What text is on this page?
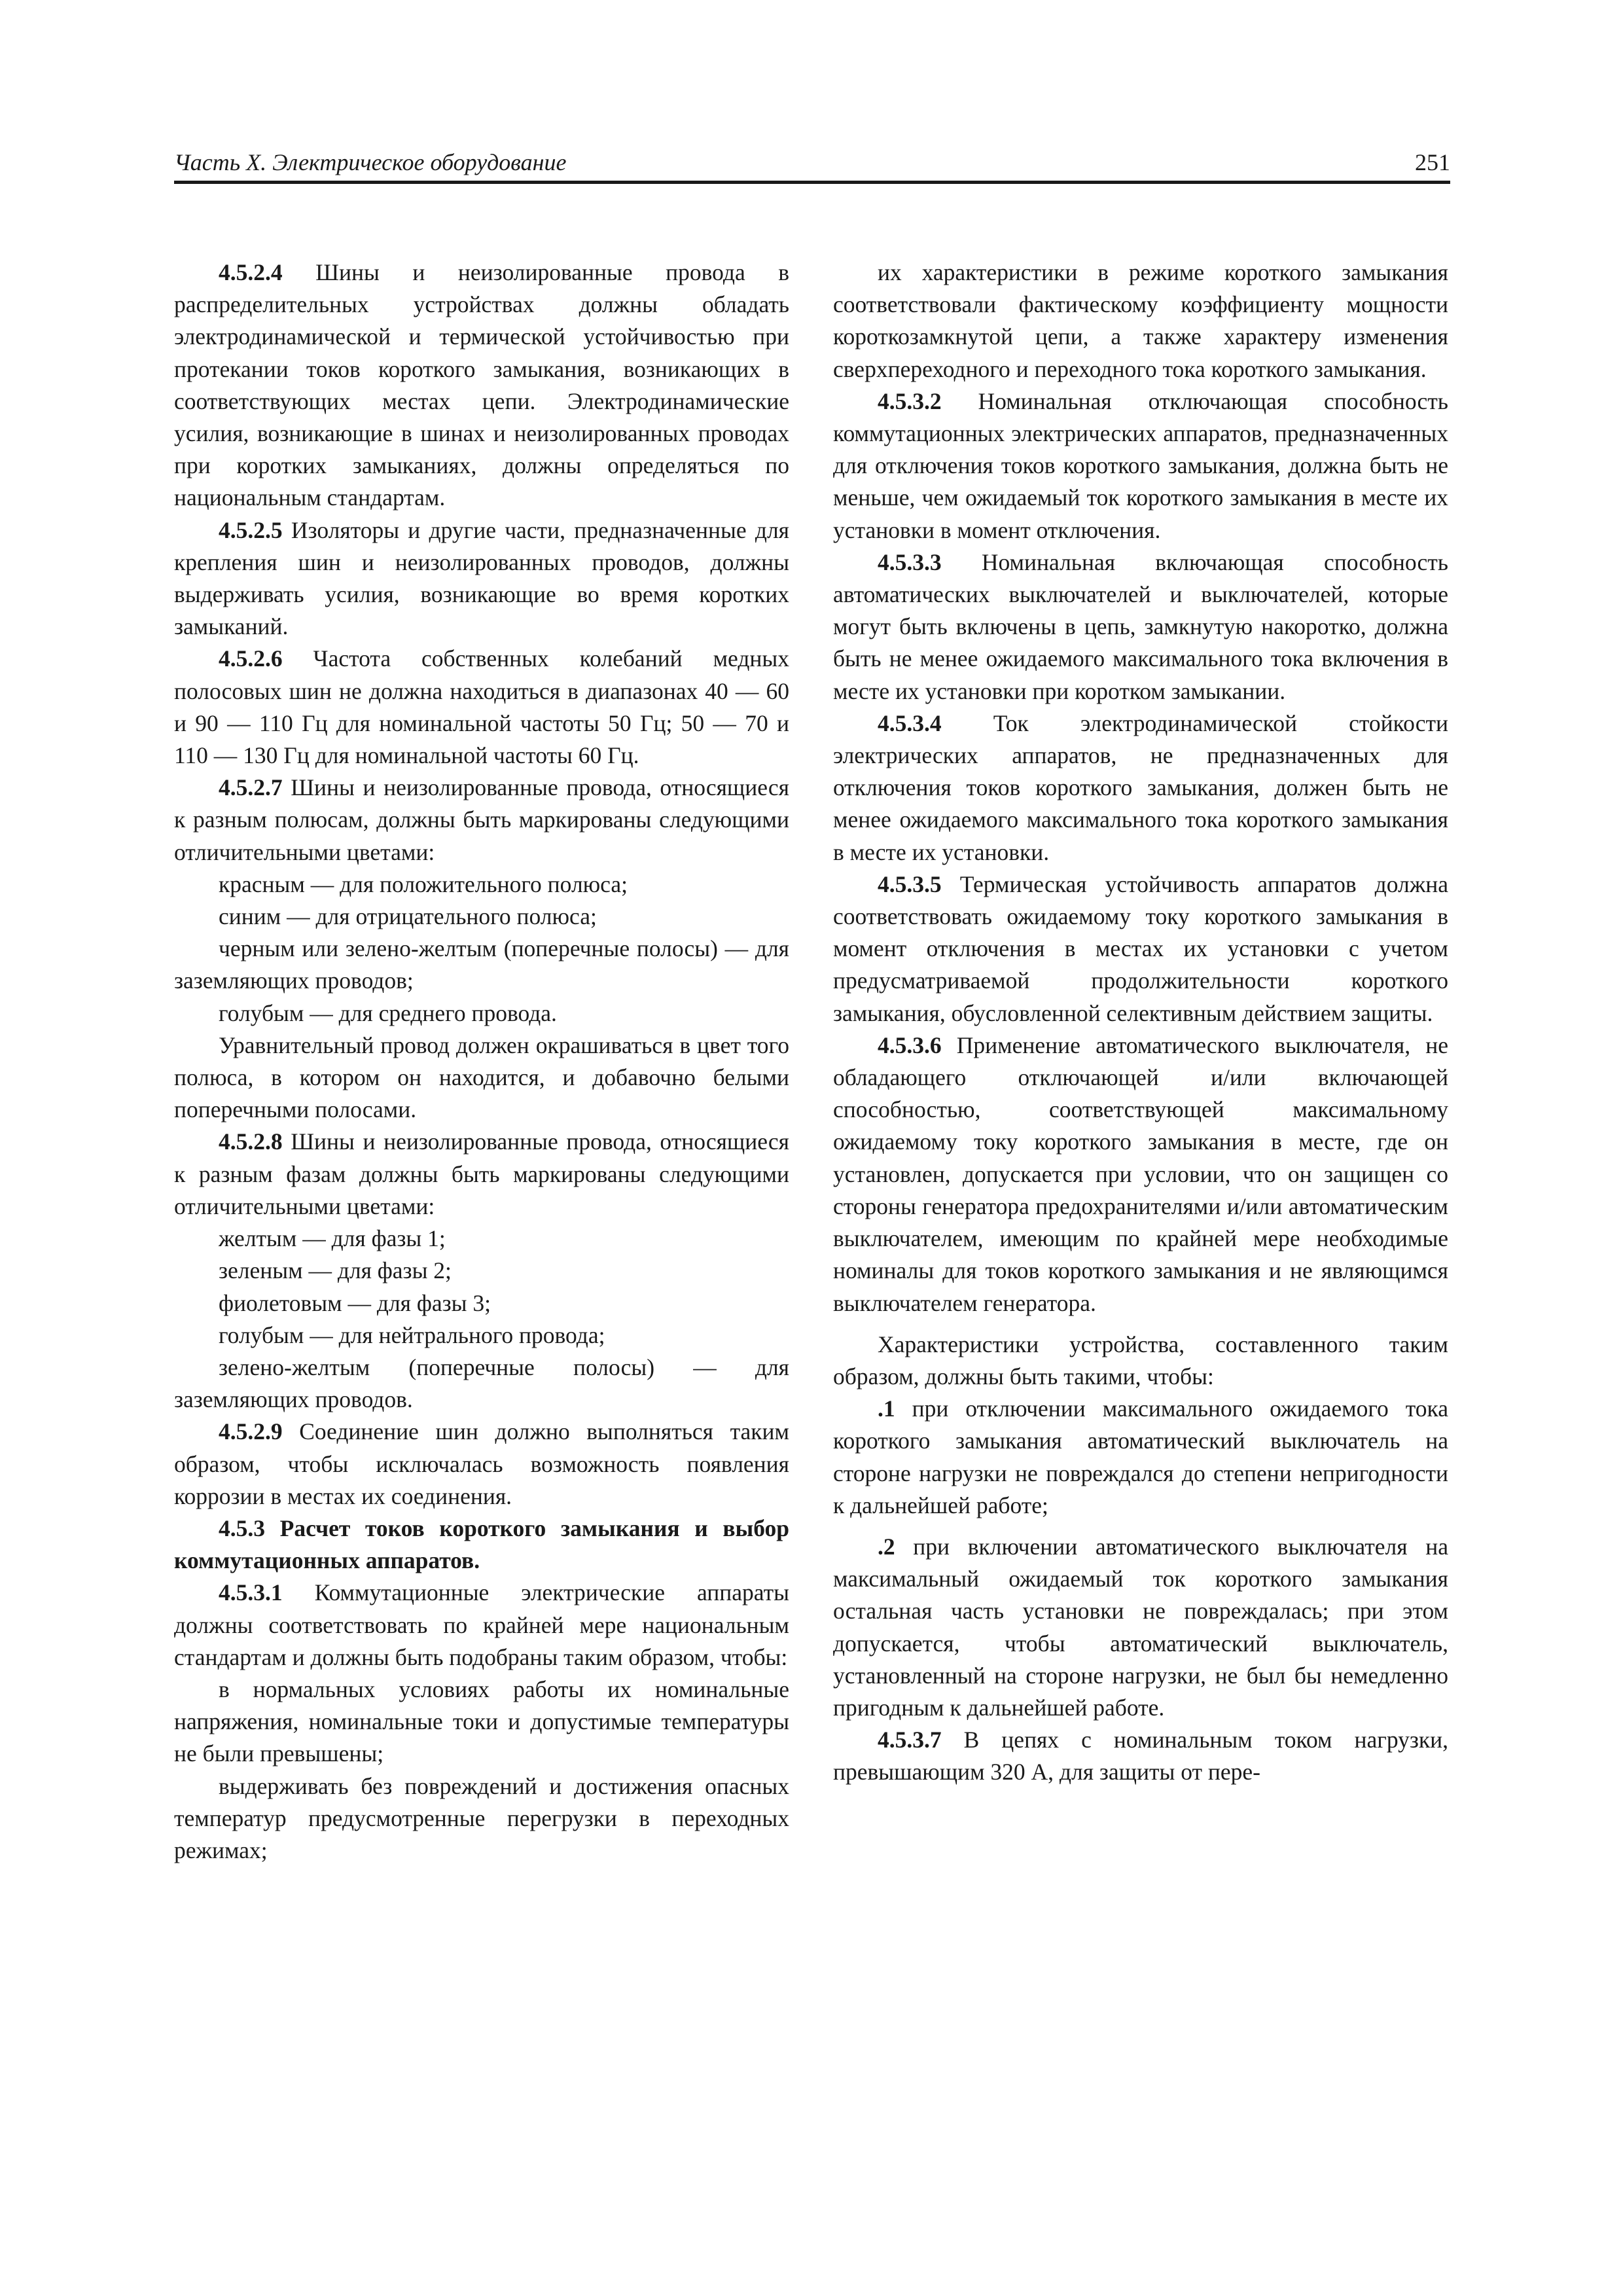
Часть X. Электрическое оборудование	251

4.5.2.4 Шины и неизолированные провода в распределительных устройствах должны обладать электродинамической и термической устойчивостью при протекании токов короткого замыкания, возникающих в соответствующих местах цепи. Электродинамические усилия, возникающие в шинах и неизолированных проводах при коротких замыканиях, должны определяться по национальным стандартам.

4.5.2.5 Изоляторы и другие части, предназначенные для крепления шин и неизолированных проводов, должны выдерживать усилия, возникающие во время коротких замыканий.

4.5.2.6 Частота собственных колебаний медных полосовых шин не должна находиться в диапазонах 40 — 60 и 90 — 110 Гц для номинальной частоты 50 Гц; 50 — 70 и 110 — 130 Гц для номинальной частоты 60 Гц.

4.5.2.7 Шины и неизолированные провода, относящиеся к разным полюсам, должны быть маркированы следующими отличительными цветами:

красным — для положительного полюса;

синим — для отрицательного полюса;

черным или зелено-желтым (поперечные полосы) — для заземляющих проводов;

голубым — для среднего провода.

Уравнительный провод должен окрашиваться в цвет того полюса, в котором он находится, и добавочно белыми поперечными полосами.

4.5.2.8 Шины и неизолированные провода, относящиеся к разным фазам должны быть маркированы следующими отличительными цветами:

желтым — для фазы 1;

зеленым — для фазы 2;

фиолетовым — для фазы 3;

голубым — для нейтрального провода;

зелено-желтым (поперечные полосы) — для заземляющих проводов.

4.5.2.9 Соединение шин должно выполняться таким образом, чтобы исключалась возможность появления коррозии в местах их соединения.

4.5.3 Расчет токов короткого замыкания и выбор коммутационных аппаратов.

4.5.3.1 Коммутационные электрические аппараты должны соответствовать по крайней мере национальным стандартам и должны быть подобраны таким образом, чтобы:

в нормальных условиях работы их номинальные напряжения, номинальные токи и допустимые температуры не были превышены;

выдерживать без повреждений и достижения опасных температур предусмотренные перегрузки в переходных режимах;

их характеристики в режиме короткого замыкания соответствовали фактическому коэффициенту мощности короткозамкнутой цепи, а также характеру изменения сверхпереходного и переходного тока короткого замыкания.

4.5.3.2 Номинальная отключающая способность коммутационных электрических аппаратов, предназначенных для отключения токов короткого замыкания, должна быть не меньше, чем ожидаемый ток короткого замыкания в месте их установки в момент отключения.

4.5.3.3 Номинальная включающая способность автоматических выключателей и выключателей, которые могут быть включены в цепь, замкнутую накоротко, должна быть не менее ожидаемого максимального тока включения в месте их установки при коротком замыкании.

4.5.3.4 Ток электродинамической стойкости электрических аппаратов, не предназначенных для отключения токов короткого замыкания, должен быть не менее ожидаемого максимального тока короткого замыкания в месте их установки.

4.5.3.5 Термическая устойчивость аппаратов должна соответствовать ожидаемому току короткого замыкания в момент отключения в местах их установки с учетом предусматриваемой продолжительности короткого замыкания, обусловленной селективным действием защиты.

4.5.3.6 Применение автоматического выключателя, не обладающего отключающей и/или включающей способностью, соответствующей максимальному ожидаемому току короткого замыкания в месте, где он установлен, допускается при условии, что он защищен со стороны генератора предохранителями и/или автоматическим выключателем, имеющим по крайней мере необходимые номиналы для токов короткого замыкания и не являющимся выключателем генератора.

Характеристики устройства, составленного таким образом, должны быть такими, чтобы:

.1 при отключении максимального ожидаемого тока короткого замыкания автоматический выключатель на стороне нагрузки не повреждался до степени непригодности к дальнейшей работе;

.2 при включении автоматического выключателя на максимальный ожидаемый ток короткого замыкания остальная часть установки не повреждалась; при этом допускается, чтобы автоматический выключатель, установленный на стороне нагрузки, не был бы немедленно пригодным к дальнейшей работе.

4.5.3.7 В цепях с номинальным током нагрузки, превышающим 320 А, для защиты от пере-
